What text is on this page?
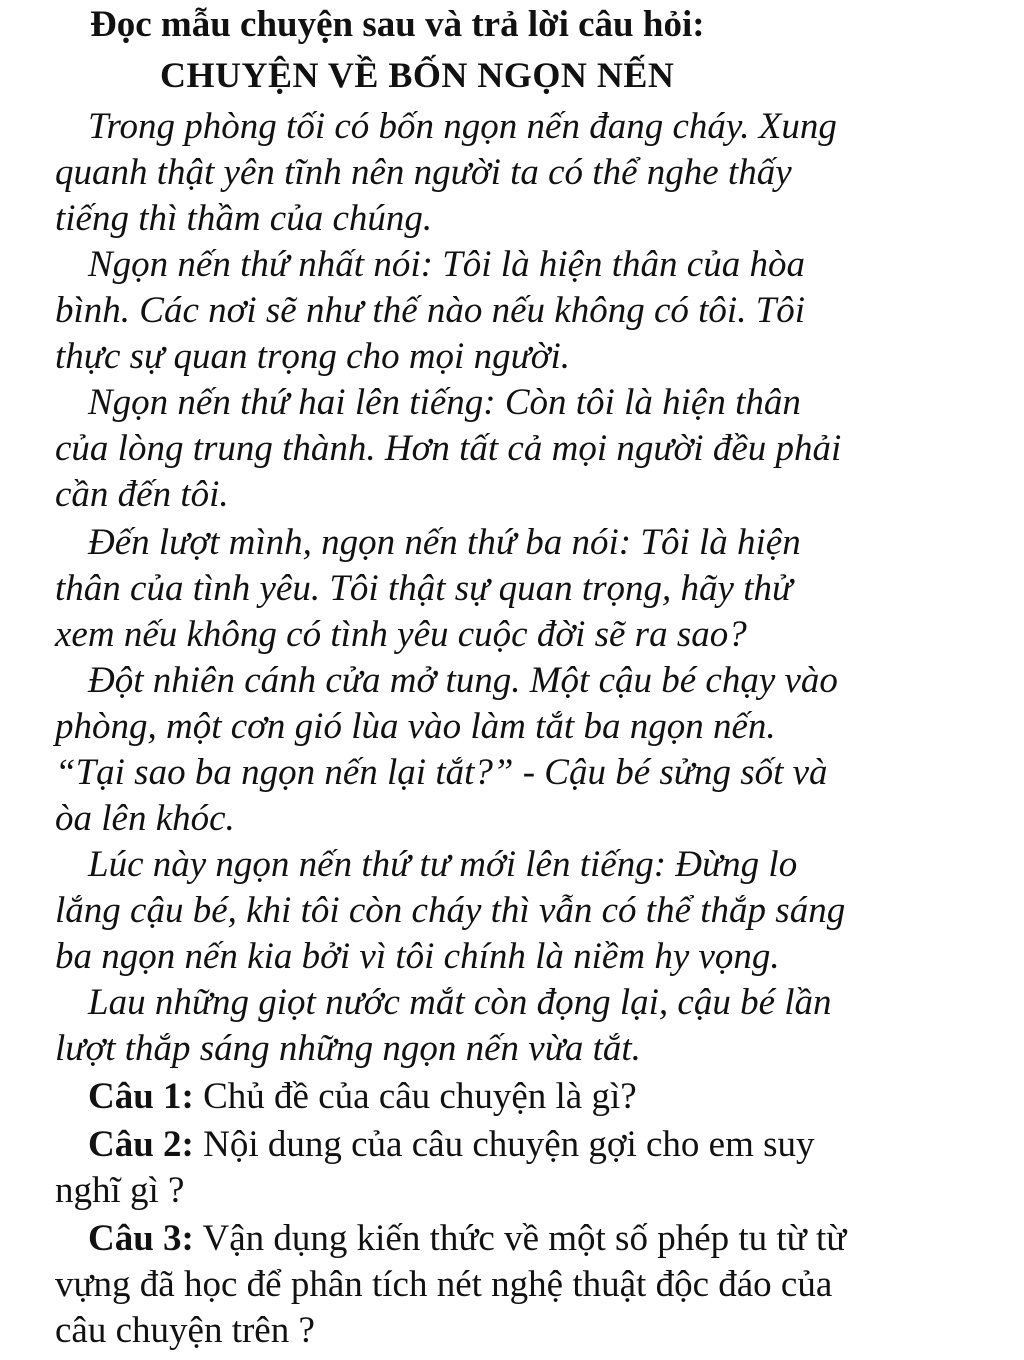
Đọc mẫu chuyện sau và trả lời câu hỏi:
CHUYỆN VỀ BỐN NGỌN NẾN
Trong phòng tối có bốn ngọn nến đang cháy. Xung
quanh thật yên tĩnh nên người ta có thể nghe thấy
tiếng thì thầm của chúng.
Ngọn nến thứ nhất nói: Tôi là hiện thân của hòa
bình. Các nơi sẽ như thế nào nếu không có tôi. Tôi
thực sự quan trọng cho mọi người.
Ngọn nến thứ hai lên tiếng: Còn tôi là hiện thân
của lòng trung thành. Hơn tất cả mọi người đều phải
cần đến tôi.
Đến lượt mình, ngọn nến thứ ba nói: Tôi là hiện
thân của tình yêu. Tôi thật sự quan trọng, hãy thử
xem nếu không có tình yêu cuộc đời sẽ ra sao?
Đột nhiên cánh cửa mở tung. Một cậu bé chạy vào
phòng, một cơn gió lùa vào làm tắt ba ngọn nến.
“Tại sao ba ngọn nến lại tắt?” - Cậu bé sửng sốt và
òa lên khóc.
Lúc này ngọn nến thứ tư mới lên tiếng: Đừng lo
lắng cậu bé, khi tôi còn cháy thì vẫn có thể thắp sáng
ba ngọn nến kia bởi vì tôi chính là niềm hy vọng.
Lau những giọt nước mắt còn đọng lại, cậu bé lần
lượt thắp sáng những ngọn nến vừa tắt.
Câu 1: Chủ đề của câu chuyện là gì?
Câu 2: Nội dung của câu chuyện gợi cho em suy
nghĩ gì ?
Câu 3: Vận dụng kiến thức về một số phép tu từ từ
vựng đã học để phân tích nét nghệ thuật độc đáo của
câu chuyện trên ?
